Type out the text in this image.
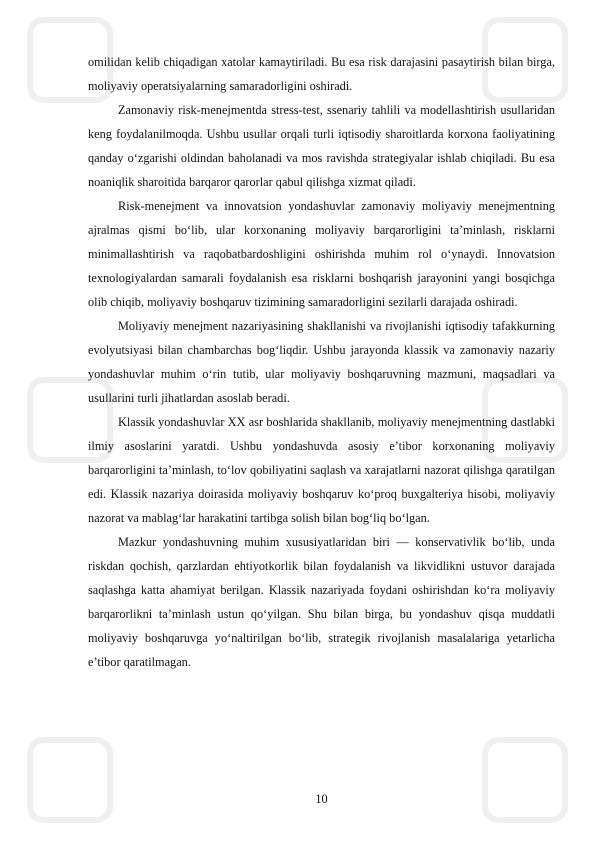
omilidan kelib chiqadigan xatolar kamaytiriladi. Bu esa risk darajasini pasaytirish bilan birga, moliyaviy operatsiyalarning samaradorligini oshiradi.

Zamonaviy risk-menejmentda stress-test, ssenariy tahlili va modellashtirish usullaridan keng foydalanilmoqda. Ushbu usullar orqali turli iqtisodiy sharoitlarda korxona faoliyatining qanday o‘zgarishi oldindan baholanadi va mos ravishda strategiyalar ishlab chiqiladi. Bu esa noaniqlik sharoitida barqaror qarorlar qabul qilishga xizmat qiladi.

Risk-menejment va innovatsion yondashuvlar zamonaviy moliyaviy menejmentning ajralmas qismi bo‘lib, ular korxonaning moliyaviy barqarorligini ta’minlash, risklarni minimallashtirish va raqobatbardoshligini oshirishda muhim rol o‘ynaydi. Innovatsion texnologiyalardan samarali foydalanish esa risklarni boshqarish jarayonini yangi bosqichga olib chiqib, moliyaviy boshqaruv tizimining samaradorligini sezilarli darajada oshiradi.

Moliyaviy menejment nazariyasining shakllanishi va rivojlanishi iqtisodiy tafakkurning evolyutsiyasi bilan chambarchas bog‘liqdir. Ushbu jarayonda klassik va zamonaviy nazariy yondashuvlar muhim o‘rin tutib, ular moliyaviy boshqaruvning mazmuni, maqsadlari va usullarini turli jihatlardan asoslab beradi.

Klassik yondashuvlar XX asr boshlarida shakllanib, moliyaviy menejmentning dastlabki ilmiy asoslarini yaratdi. Ushbu yondashuvda asosiy e’tibor korxonaning moliyaviy barqarorligini ta’minlash, to‘lov qobiliyatini saqlash va xarajatlarni nazorat qilishga qaratilgan edi. Klassik nazariya doirasida moliyaviy boshqaruv ko‘proq buxgalteriya hisobi, moliyaviy nazorat va mablag‘lar harakatini tartibga solish bilan bog‘liq bo‘lgan.

Mazkur yondashuvning muhim xususiyatlaridan biri — konservativlik bo‘lib, unda riskdan qochish, qarzlardan ehtiyotkorlik bilan foydalanish va likvidlikni ustuvor darajada saqlashga katta ahamiyat berilgan. Klassik nazariyada foydani oshirishdan ko‘ra moliyaviy barqarorlikni ta’minlash ustun qo‘yilgan. Shu bilan birga, bu yondashuv qisqa muddatli moliyaviy boshqaruvga yo‘naltirilgan bo‘lib, strategik rivojlanish masalalariga yetarlicha e’tibor qaratilmagan.

10
